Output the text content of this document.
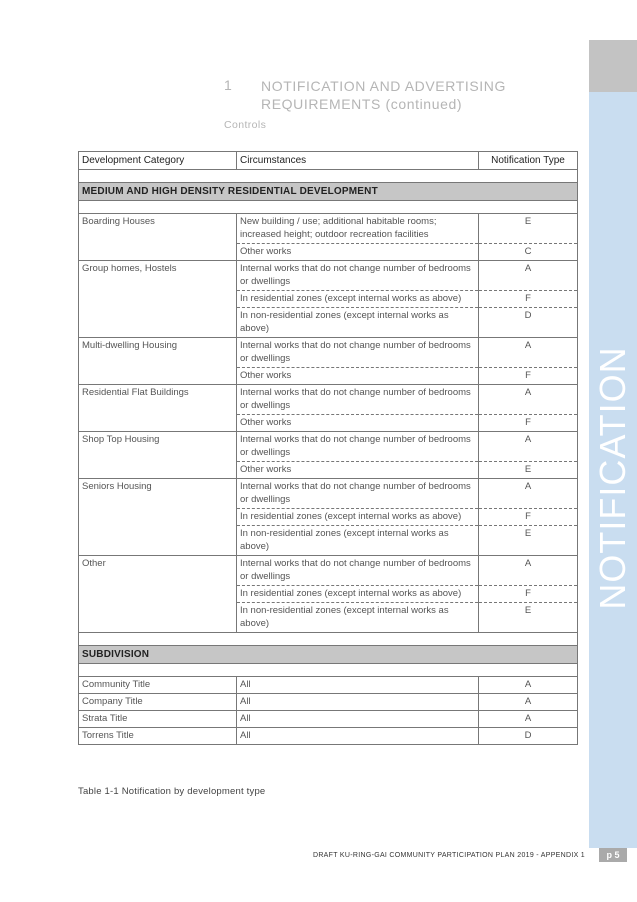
NOTIFICATION
1 NOTIFICATION AND ADVERTISING
REQUIREMENTS (continued)
Controls
Development Category	Circumstances	Notification Type

MEDIUM AND HIGH DENSITY RESIDENTIAL DEVELOPMENT		

Boarding Houses	New building / use; additional habitable rooms; increased height; outdoor recreation facilities	E
	Other works	C
Group homes, Hostels	Internal works that do not change number of bedrooms or dwellings	A
	In residential zones (except internal works as above)	F
	In non-residential zones (except internal works as above)	D
Multi-dwelling Housing	Internal works that do not change number of bedrooms or dwellings	A
	Other works	F
Residential Flat Buildings	Internal works that do not change number of bedrooms or dwellings	A
	Other works	F
Shop Top Housing	Internal works that do not change number of bedrooms or dwellings	A
	Other works	E
Seniors Housing	Internal works that do not change number of bedrooms or dwellings	A
	In residential zones (except internal works as above)	F
	In non-residential zones (except internal works as above)	E
Other	Internal works that do not change number of bedrooms or dwellings	A
	In residential zones (except internal works as above)	F
	In non-residential zones (except internal works as above)	E

SUBDIVISION		

Community Title	All	A
Company Title	All	A
Strata Title	All	A
Torrens Title	All	D
Table 1-1 Notification by development type
DRAFT KU-RING-GAI COMMUNITY PARTICIPATION PLAN 2019 - APPENDIX 1	p 5
